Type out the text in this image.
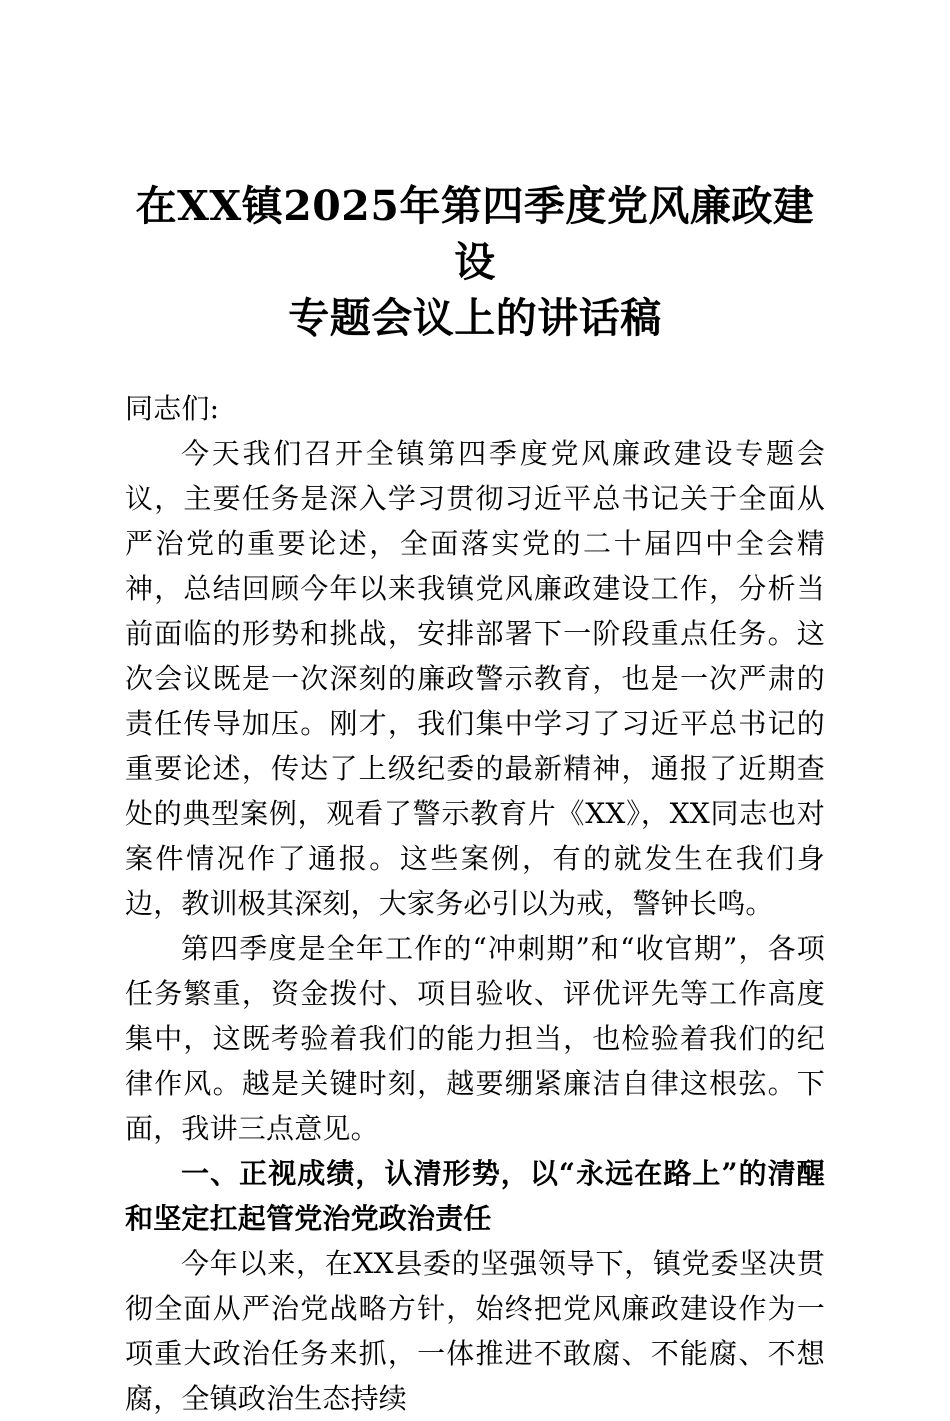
在XX镇2025年第四季度党风廉政建设
专题会议上的讲话稿

同志们:

今天我们召开全镇第四季度党风廉政建设专题会议，主要任务是深入学习贯彻习近平总书记关于全面从严治党的重要论述，全面落实党的二十届四中全会精神，总结回顾今年以来我镇党风廉政建设工作，分析当前面临的形势和挑战，安排部署下一阶段重点任务。这次会议既是一次深刻的廉政警示教育，也是一次严肃的责任传导加压。刚才，我们集中学习了习近平总书记的重要论述，传达了上级纪委的最新精神，通报了近期查处的典型案例，观看了警示教育片《XX》，XX同志也对案件情况作了通报。这些案例，有的就发生在我们身边，教训极其深刻，大家务必引以为戒，警钟长鸣。

第四季度是全年工作的“冲刺期”和“收官期”，各项任务繁重，资金拨付、项目验收、评优评先等工作高度集中，这既考验着我们的能力担当，也检验着我们的纪律作风。越是关键时刻，越要绷紧廉洁自律这根弦。下面，我讲三点意见。

一、正视成绩，认清形势，以“永远在路上”的清醒和坚定扛起管党治党政治责任

今年以来，在XX县委的坚强领导下，镇党委坚决贯彻全面从严治党战略方针，始终把党风廉政建设作为一项重大政治任务来抓，一体推进不敢腐、不能腐、不想腐，全镇政治生态持续
